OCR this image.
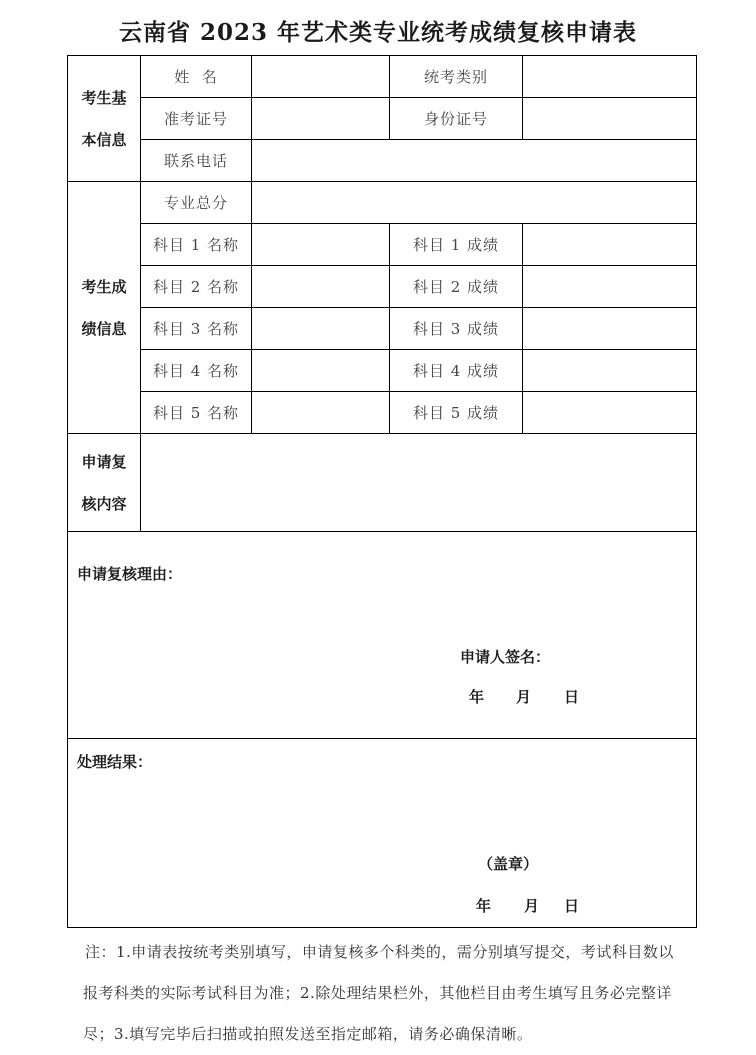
云南省 2023 年艺术类专业统考成绩复核申请表
考生基
本信息	姓  名		统考类别	
	准考证号		身份证号	
	联系电话			

考生成
绩信息	专业总分			
	科目 1 名称		科目 1 成绩	
	科目 2 名称		科目 2 成绩	
	科目 3 名称		科目 3 成绩	
	科目 4 名称		科目 4 成绩	
	科目 5 名称		科目 5 成绩	

申请复
核内容				

申请复核理由：
申请人签名：
年 月 日				

处理结果：
（盖章）
年 月 日				
注：1.申请表按统考类别填写，申请复核多个科类的，需分别填写提交，考试科目数以
报考科类的实际考试科目为准；2.除处理结果栏外，其他栏目由考生填写且务必完整详
尽；3.填写完毕后扫描或拍照发送至指定邮箱，请务必确保清晰。
